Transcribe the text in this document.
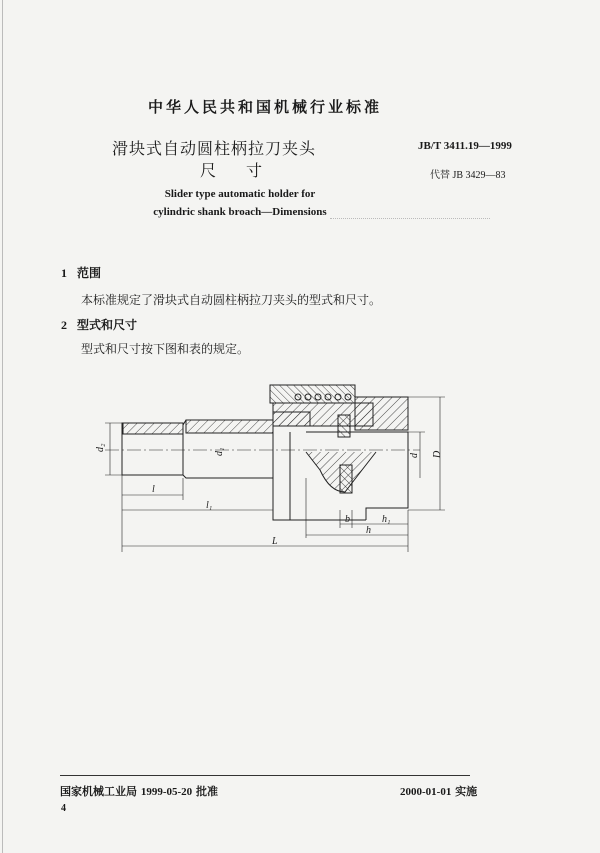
中华人民共和国机械行业标准
滑块式自动圆柱柄拉刀夹头
尺寸
JB/T 3411.19—1999
代替 JB 3429—83
Slider type automatic holder for
cylindric shank broach—Dimensions
1 范围
本标准规定了滑块式自动圆柱柄拉刀夹头的型式和尺寸。
2 型式和尺寸
型式和尺寸按下图和表的规定。
d₂	d₁	d D
l
l₁
b	h₁
h
L
国家机械工业局 1999-05-20 批准	2000-01-01 实施
4
